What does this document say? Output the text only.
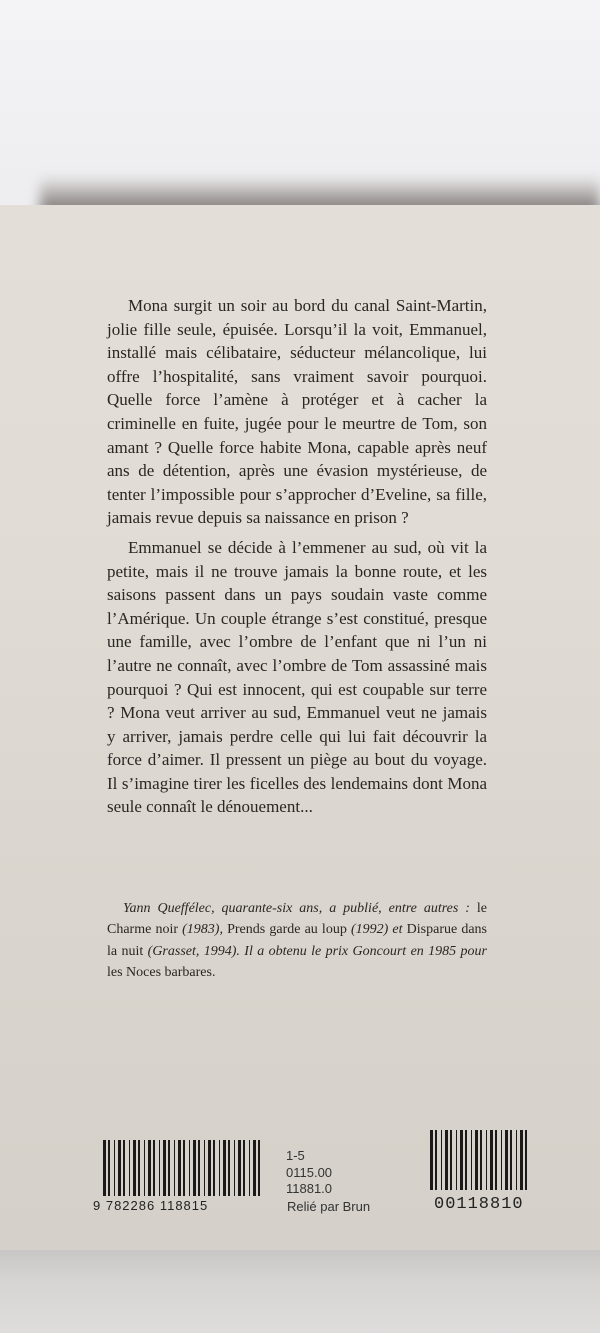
Mona surgit un soir au bord du canal Saint-Martin, jolie fille seule, épuisée. Lorsqu’il la voit, Emmanuel, installé mais célibataire, séducteur mélancolique, lui offre l’hospitalité, sans vraiment savoir pourquoi. Quelle force l’amène à protéger et à cacher la criminelle en fuite, jugée pour le meurtre de Tom, son amant ? Quelle force habite Mona, capable après neuf ans de détention, après une évasion mystérieuse, de tenter l’impossible pour s’approcher d’Eveline, sa fille, jamais revue depuis sa naissance en prison ?

Emmanuel se décide à l’emmener au sud, où vit la petite, mais il ne trouve jamais la bonne route, et les saisons passent dans un pays soudain vaste comme l’Amérique. Un couple étrange s’est constitué, presque une famille, avec l’ombre de l’enfant que ni l’un ni l’autre ne connaît, avec l’ombre de Tom assassiné mais pourquoi ? Qui est innocent, qui est coupable sur terre ? Mona veut arriver au sud, Emmanuel veut ne jamais y arriver, jamais perdre celle qui lui fait découvrir la force d’aimer. Il pressent un piège au bout du voyage. Il s’imagine tirer les ficelles des lendemains dont Mona seule connaît le dénouement...

Yann Queffélec, quarante-six ans, a publié, entre autres : le Charme noir (1983), Prends garde au loup (1992) et Disparue dans la nuit (Grasset, 1994). Il a obtenu le prix Goncourt en 1985 pour les Noces barbares.
9 782286 118815
1-5
0115.00
11881.0
Relié par Brun	00118810
